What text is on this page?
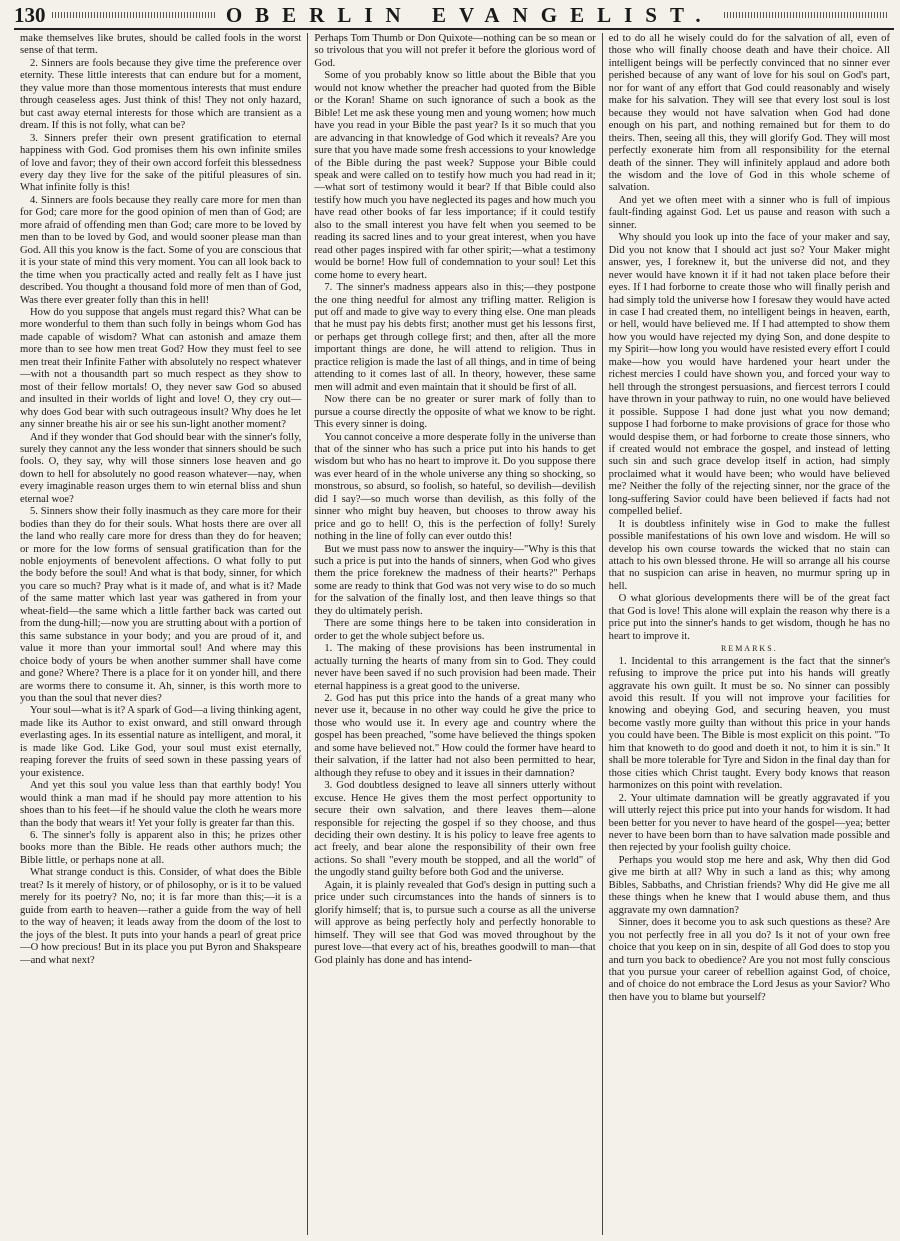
130	OBERLIN EVANGELIST.

make themselves like brutes, should be called fools in the worst sense of that term.

2. Sinners are fools because they give time the preference over eternity. These little interests that can endure but for a moment, they value more than those momentous interests that must endure through ceaseless ages. Just think of this! They not only hazard, but cast away eternal interests for those which are transient as a dream. If this is not folly, what can be?

3. Sinners prefer their own present gratification to eternal happiness with God. God promises them his own infinite smiles of love and favor; they of their own accord forfeit this blessedness every day they live for the sake of the pitiful pleasures of sin. What infinite folly is this!

4. Sinners are fools because they really care more for men than for God; care more for the good opinion of men than of God; are more afraid of offending men than God; care more to be loved by men than to be loved by God, and would sooner please man than God. All this you know is the fact. Some of you are conscious that it is your state of mind this very moment. You can all look back to the time when you practically acted and really felt as I have just described. You thought a thousand fold more of men than of God, Was there ever greater folly than this in hell!

How do you suppose that angels must regard this? What can be more wonderful to them than such folly in beings whom God has made capable of wisdom? What can astonish and amaze them more than to see how men treat God? How they must feel to see men treat their Infinite Father with absolutely no respect whatever—with not a thousandth part so much respect as they show to most of their fellow mortals! O, they never saw God so abused and insulted in their worlds of light and love! O, they cry out—why does God bear with such outrageous insult? Why does he let any sinner breathe his air or see his sun-light another moment?

And if they wonder that God should bear with the sinner's folly, surely they cannot any the less wonder that sinners should be such fools. O, they say, why will those sinners lose heaven and go down to hell for absolutely no good reason whatever—nay, when every imaginable reason urges them to win eternal bliss and shun eternal woe?

5. Sinners show their folly inasmuch as they care more for their bodies than they do for their souls. What hosts there are over all the land who really care more for dress than they do for heaven; or more for the low forms of sensual gratification than for the noble enjoyments of benevolent affections. O what folly to put the body before the soul! And what is that body, sinner, for which you care so much? Pray what is it made of, and what is it? Made of the same matter which last year was gathered in from your wheat-field—the same which a little farther back was carted out from the dung-hill;—now you are strutting about with a portion of this same substance in your body; and you are proud of it, and value it more than your immortal soul! And where may this choice body of yours be when another summer shall have come and gone? Where? There is a place for it on yonder hill, and there are worms there to consume it. Ah, sinner, is this worth more to you than the soul that never dies?

Your soul—what is it? A spark of God—a living thinking agent, made like its Author to exist onward, and still onward through everlasting ages. In its essential nature as intelligent, and moral, it is made like God. Like God, your soul must exist eternally, reaping forever the fruits of seed sown in these passing years of your existence.

And yet this soul you value less than that earthly body! You would think a man mad if he should pay more attention to his shoes than to his feet—if he should value the cloth he wears more than the body that wears it! Yet your folly is greater far than this.

6. The sinner's folly is apparent also in this; he prizes other books more than the Bible. He reads other authors much; the Bible little, or perhaps none at all.

What strange conduct is this. Consider, of what does the Bible treat? Is it merely of history, or of philosophy, or is it to be valued merely for its poetry? No, no; it is far more than this;—it is a guide from earth to heaven—rather a guide from the way of hell to the way of heaven; it leads away from the doom of the lost to the joys of the blest. It puts into your hands a pearl of great price—O how precious! But in its place you put Byron and Shakspeare—and what next?

Perhaps Tom Thumb or Don Quixote—nothing can be so mean or so trivolous that you will not prefer it before the glorious word of God.

Some of you probably know so little about the Bible that you would not know whether the preacher had quoted from the Bible or the Koran! Shame on such ignorance of such a book as the Bible! Let me ask these young men and young women; how much have you read in your Bible the past year? Is it so much that you are advancing in that knowledge of God which it reveals? Are you sure that you have made some fresh accessions to your knowledge of the Bible during the past week? Suppose your Bible could speak and were called on to testify how much you had read in it;—what sort of testimony would it bear? If that Bible could also testify how much you have neglected its pages and how much you have read other books of far less importance; if it could testify also to the small interest you have felt when you seemed to be reading its sacred lines and to your great interest, when you have read other pages inspired with far other spirit;—what a testimony would be borne! How full of condemnation to your soul! Let this come home to every heart.

7. The sinner's madness appears also in this;—they postpone the one thing needful for almost any trifling matter. Religion is put off and made to give way to every thing else. One man pleads that he must pay his debts first; another must get his lessons first, or perhaps get through college first; and then, after all the more important things are done, he will attend to religion. Thus in practice religion is made the last of all things, and in time of being attending to it comes last of all. In theory, however, these same men will admit and even maintain that it should be first of all.

Now there can be no greater or surer mark of folly than to pursue a course directly the opposite of what we know to be right. This every sinner is doing.

You cannot conceive a more desperate folly in the universe than that of the sinner who has such a price put into his hands to get wisdom but who has no heart to improve it. Do you suppose there was ever heard of in the whole universe any thing so shocking, so monstrous, so absurd, so foolish, so hateful, so devilish—devilish did I say?—so much worse than devilish, as this folly of the sinner who might buy heaven, but chooses to throw away his price and go to hell! O, this is the perfection of folly! Surely nothing in the line of folly can ever outdo this!

But we must pass now to answer the inquiry—"Why is this that such a price is put into the hands of sinners, when God who gives them the price foreknew the madness of their hearts?" Perhaps some are ready to think that God was not very wise to do so much for the salvation of the finally lost, and then leave things so that they do ultimately perish.

There are some things here to be taken into consideration in order to get the whole subject before us.

1. The making of these provisions has been instrumental in actually turning the hearts of many from sin to God. They could never have been saved if no such provision had been made. Their eternal happiness is a great good to the universe.

2. God has put this price into the hands of a great many who never use it, because in no other way could he give the price to those who would use it. In every age and country where the gospel has been preached, "some have believed the things spoken and some have believed not." How could the former have heard to their salvation, if the latter had not also been permitted to hear, although they refuse to obey and it issues in their damnation?

3. God doubtless designed to leave all sinners utterly without excuse. Hence He gives them the most perfect opportunity to secure their own salvation, and there leaves them—alone responsible for rejecting the gospel if so they choose, and thus deciding their own destiny. It is his policy to leave free agents to act freely, and bear alone the responsibility of their own free actions. So shall "every mouth be stopped, and all the world" of the ungodly stand guilty before both God and the universe.

Again, it is plainly revealed that God's design in putting such a price under such circumstances into the hands of sinners is to glorify himself; that is, to pursue such a course as all the universe will approve as being perfectly holy and perfectly honorable to himself. They will see that God was moved throughout by the purest love—that every act of his, breathes goodwill to man—that God plainly has done and has intend-

ed to do all he wisely could do for the salvation of all, even of those who will finally choose death and have their choice. All intelligent beings will be perfectly convinced that no sinner ever perished because of any want of love for his soul on God's part, nor for want of any effort that God could reasonably and wisely make for his salvation. They will see that every lost soul is lost because they would not have salvation when God had done enough on his part, and nothing remained but for them to do theirs. Then, seeing all this, they will glorify God. They will most perfectly exonerate him from all responsibility for the eternal death of the sinner. They will infinitely applaud and adore both the wisdom and the love of God in this whole scheme of salvation.

And yet we often meet with a sinner who is full of impious fault-finding against God. Let us pause and reason with such a sinner.

Why should you look up into the face of your maker and say, Did you not know that I should act just so? Your Maker might answer, yes, I foreknew it, but the universe did not, and they never would have known it if it had not taken place before their eyes. If I had forborne to create those who will finally perish and had simply told the universe how I foresaw they would have acted in case I had created them, no intelligent beings in heaven, earth, or hell, would have believed me. If I had attempted to show them how you would have rejected my dying Son, and done despite to my Spirit—how long you would have resisted every effort I could make—how you would have hardened your heart under the richest mercies I could have shown you, and forced your way to hell through the strongest persuasions, and fiercest terrors I could have thrown in your pathway to ruin, no one would have believed it possible. Suppose I had done just what you now demand; suppose I had forborne to make provisions of grace for those who would despise them, or had forborne to create those sinners, who if created would not embrace the gospel, and instead of letting such sin and such grace develop itself in action, had simply proclaimed what it would have been; who would have believed me? Neither the folly of the rejecting sinner, nor the grace of the long-suffering Savior could have been believed if facts had not compelled belief.

It is doubtless infinitely wise in God to make the fullest possible manifestations of his own love and wisdom. He will so develop his own course towards the wicked that no stain can attach to his own blessed throne. He will so arrange all his course that no suspicion can arise in heaven, no murmur spring up in hell.

O what glorious developments there will be of the great fact that God is love! This alone will explain the reason why there is a price put into the sinner's hands to get wisdom, though he has no heart to improve it.

REMARKS.

1. Incidental to this arrangement is the fact that the sinner's refusing to improve the price put into his hands will greatly aggravate his own guilt. It must be so. No sinner can possibly avoid this result. If you will not improve your facilities for knowing and obeying God, and securing heaven, you must become vastly more guilty than without this price in your hands you could have been. The Bible is most explicit on this point. "To him that knoweth to do good and doeth it not, to him it is sin." It shall be more tolerable for Tyre and Sidon in the final day than for those cities which Christ taught. Every body knows that reason harmonizes on this point with revelation.

2. Your ultimate damnation will be greatly aggravated if you will utterly reject this price put into your hands for wisdom. It had been better for you never to have heard of the gospel—yea; better never to have been born than to have salvation made possible and then rejected by your foolish guilty choice.

Perhaps you would stop me here and ask, Why then did God give me birth at all? Why in such a land as this; why among Bibles, Sabbaths, and Christian friends? Why did He give me all these things when he knew that I would abuse them, and thus aggravate my own damnation?

Sinner, does it become you to ask such questions as these? Are you not perfectly free in all you do? Is it not of your own free choice that you keep on in sin, despite of all God does to stop you and turn you back to obedience? Are you not most fully conscious that you pursue your career of rebellion against God, of choice, and of choice do not embrace the Lord Jesus as your Savior? Who then have you to blame but yourself?
